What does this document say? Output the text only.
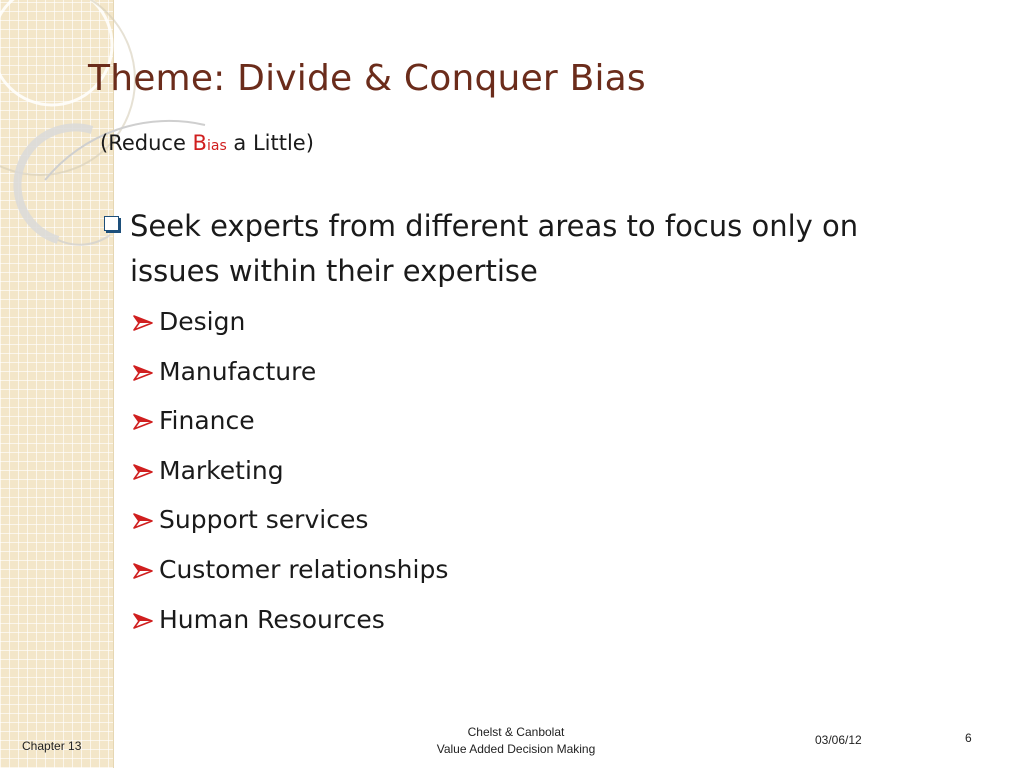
Theme: Divide & Conquer Bias

(Reduce Bias a Little)

Seek experts from different areas to focus only on issues within their expertise
Design
Manufacture
Finance
Marketing
Support services
Customer relationships
Human Resources
Chapter 13
Chelst & Canbolat
Value Added Decision Making
03/06/12	6
